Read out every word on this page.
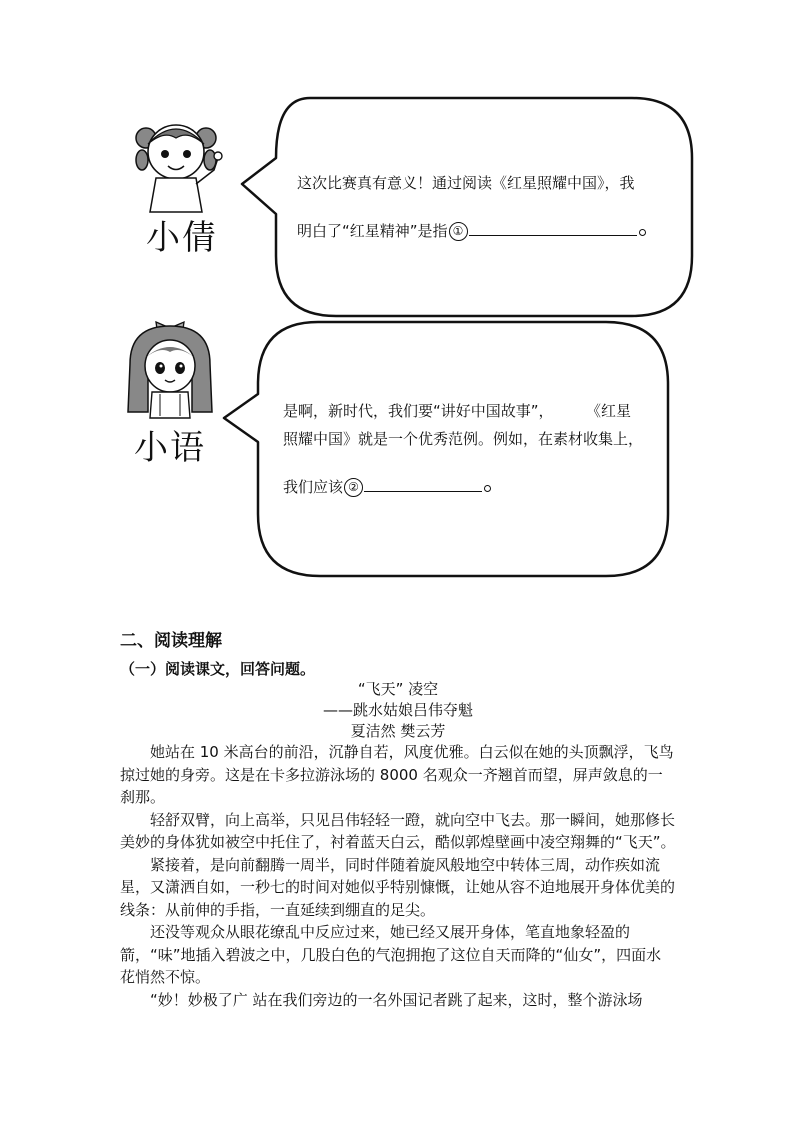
小倩
这次比赛真有意义！通过阅读《红星照耀中国》，我
明白了“红星精神”是指 ①
小语
是啊，新时代，我们要“讲好中国故事”，	《红星
照耀中国》就是一个优秀范例。例如，在素材收集上，
我们应该 ②
二、阅读理解
（一）阅读课文，回答问题。
“飞天” 凌空
——跳水姑娘吕伟夺魁
夏洁然 樊云芳

她站在 10 米高台的前沿，沉静自若，风度优雅。白云似在她的头顶飘浮，飞鸟掠过她的身旁。这是在卡多拉游泳场的 8000 名观众一齐翘首而望，屏声敛息的一刹那。

轻舒双臂，向上高举，只见吕伟轻轻一蹬，就向空中飞去。那一瞬间，她那修长美妙的身体犹如被空中托住了，衬着蓝天白云，酷似郭煌壁画中凌空翔舞的“飞天”。

紧接着，是向前翻腾一周半，同时伴随着旋风般地空中转体三周，动作疾如流星，又潇洒自如，一秒七的时间对她似乎特别慷慨，让她从容不迫地展开身体优美的线条：从前伸的手指，一直延续到绷直的足尖。

还没等观众从眼花缭乱中反应过来，她已经又展开身体，笔直地象轻盈的箭，“味”地插入碧波之中，几股白色的气泡拥抱了这位自天而降的“仙女”，四面水花悄然不惊。

“妙！妙极了广 站在我们旁边的一名外国记者跳了起来，这时，整个游泳场
